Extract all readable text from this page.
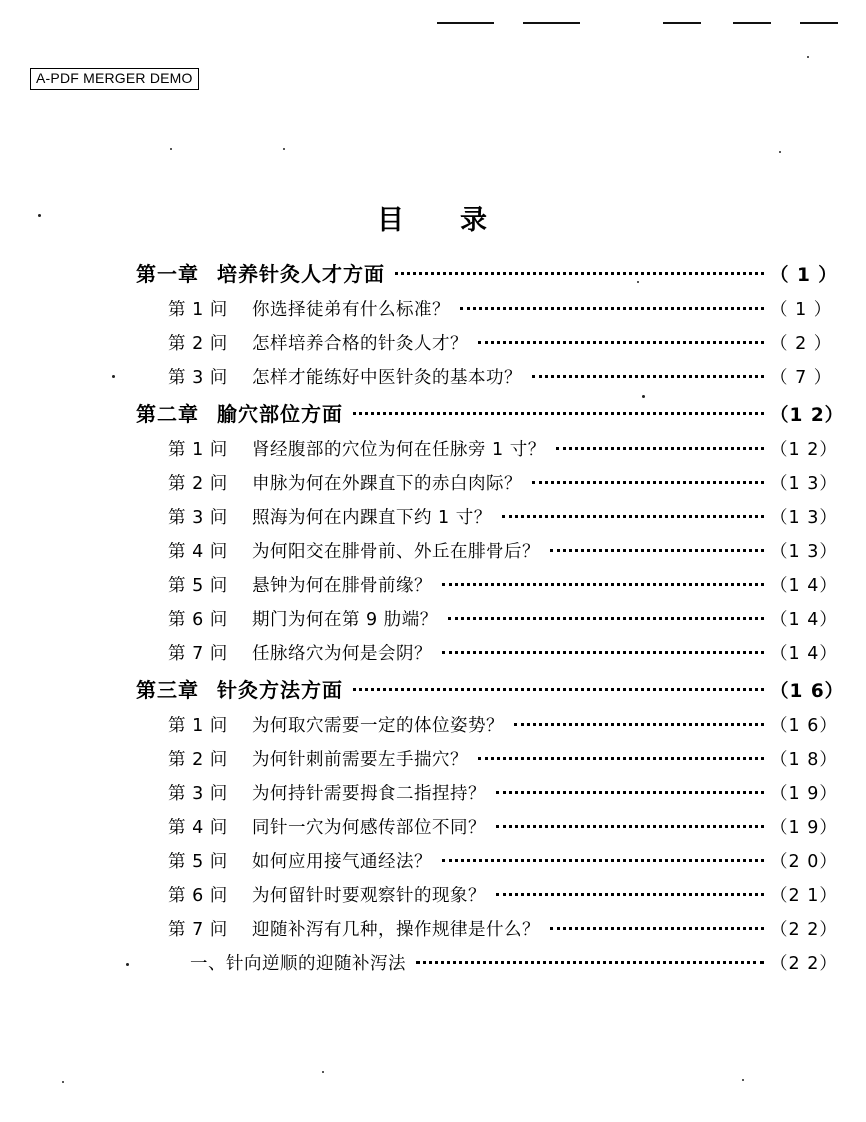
A-PDF MERGER DEMO
目 录
第一章 培养针灸人才方面	（ 1 ）
第 1 问	你选择徒弟有什么标准？	（ 1 ）
第 2 问	怎样培养合格的针灸人才？	（ 2 ）
第 3 问	怎样才能练好中医针灸的基本功？	（ 7 ）
第二章 腧穴部位方面	（1 2）
第 1 问	肾经腹部的穴位为何在任脉旁 1 寸？	（1 2）
第 2 问	申脉为何在外踝直下的赤白肉际？	（1 3）
第 3 问	照海为何在内踝直下约 1 寸？	（1 3）
第 4 问	为何阳交在腓骨前、外丘在腓骨后？	（1 3）
第 5 问	悬钟为何在腓骨前缘？	（1 4）
第 6 问	期门为何在第 9 肋端？	（1 4）
第 7 问	任脉络穴为何是会阴？	（1 4）
第三章 针灸方法方面	（1 6）
第 1 问	为何取穴需要一定的体位姿势？	（1 6）
第 2 问	为何针刺前需要左手揣穴？	（1 8）
第 3 问	为何持针需要拇食二指捏持？	（1 9）
第 4 问	同针一穴为何感传部位不同？	（1 9）
第 5 问	如何应用接气通经法？	（2 0）
第 6 问	为何留针时要观察针的现象？	（2 1）
第 7 问	迎随补泻有几种，操作规律是什么？	（2 2）
一、针向逆顺的迎随补泻法	（2 2）
